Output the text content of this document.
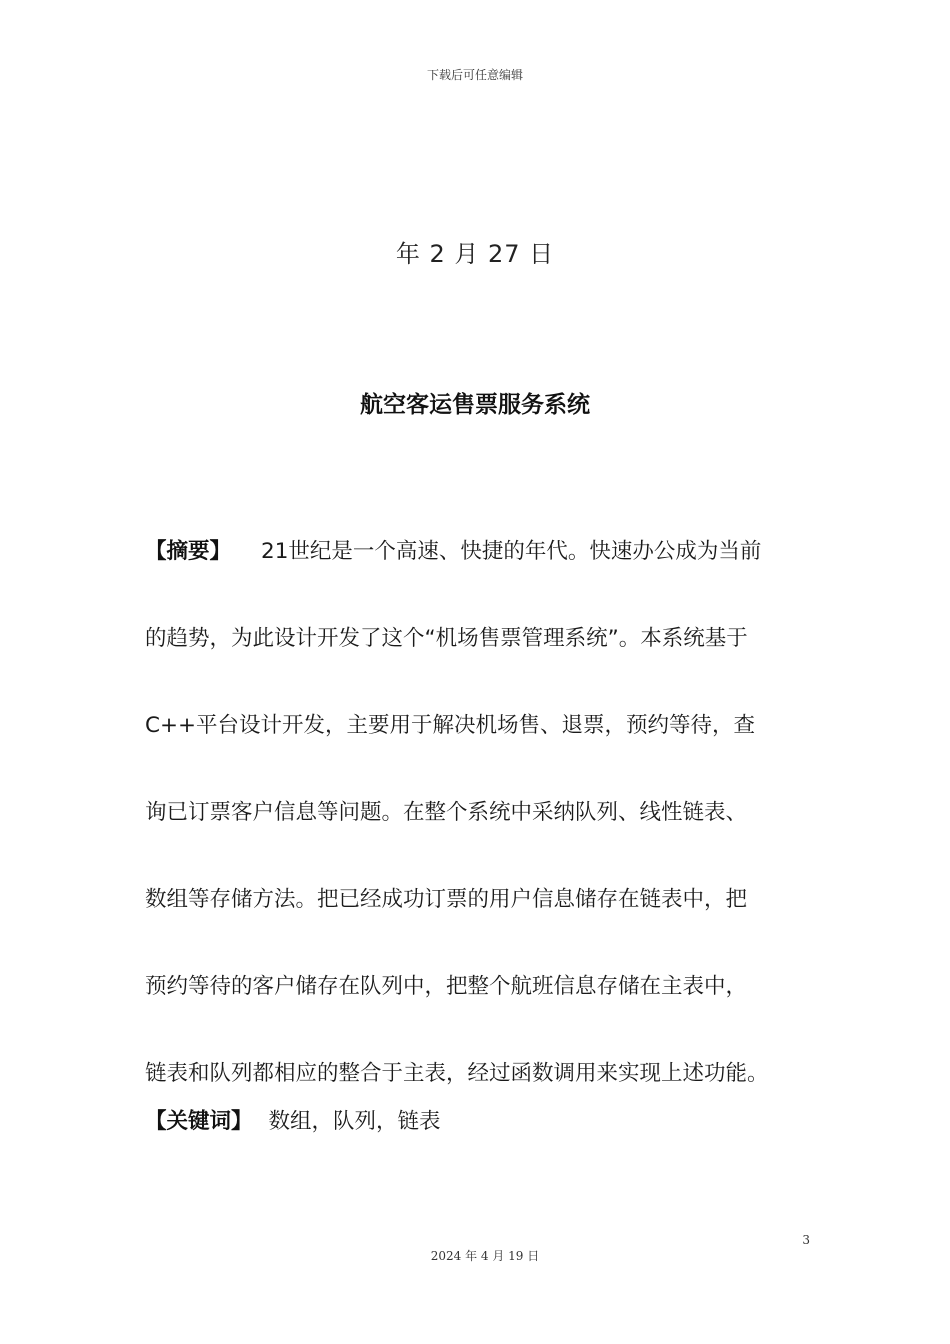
下载后可任意编辑
年 2 月 27 日
航空客运售票服务系统
【摘要】 21世纪是一个高速、快捷的年代。快速办公成为当前
的趋势，为此设计开发了这个“机场售票管理系统”。本系统基于
C++平台设计开发，主要用于解决机场售、退票，预约等待，查
询已订票客户信息等问题。在整个系统中采纳队列、线性链表、
数组等存储方法。把已经成功订票的用户信息储存在链表中，把
预约等待的客户储存在队列中，把整个航班信息存储在主表中，
链表和队列都相应的整合于主表，经过函数调用来实现上述功能。
【关键词】 数组，队列，链表
3
2024 年 4 月 19 日
